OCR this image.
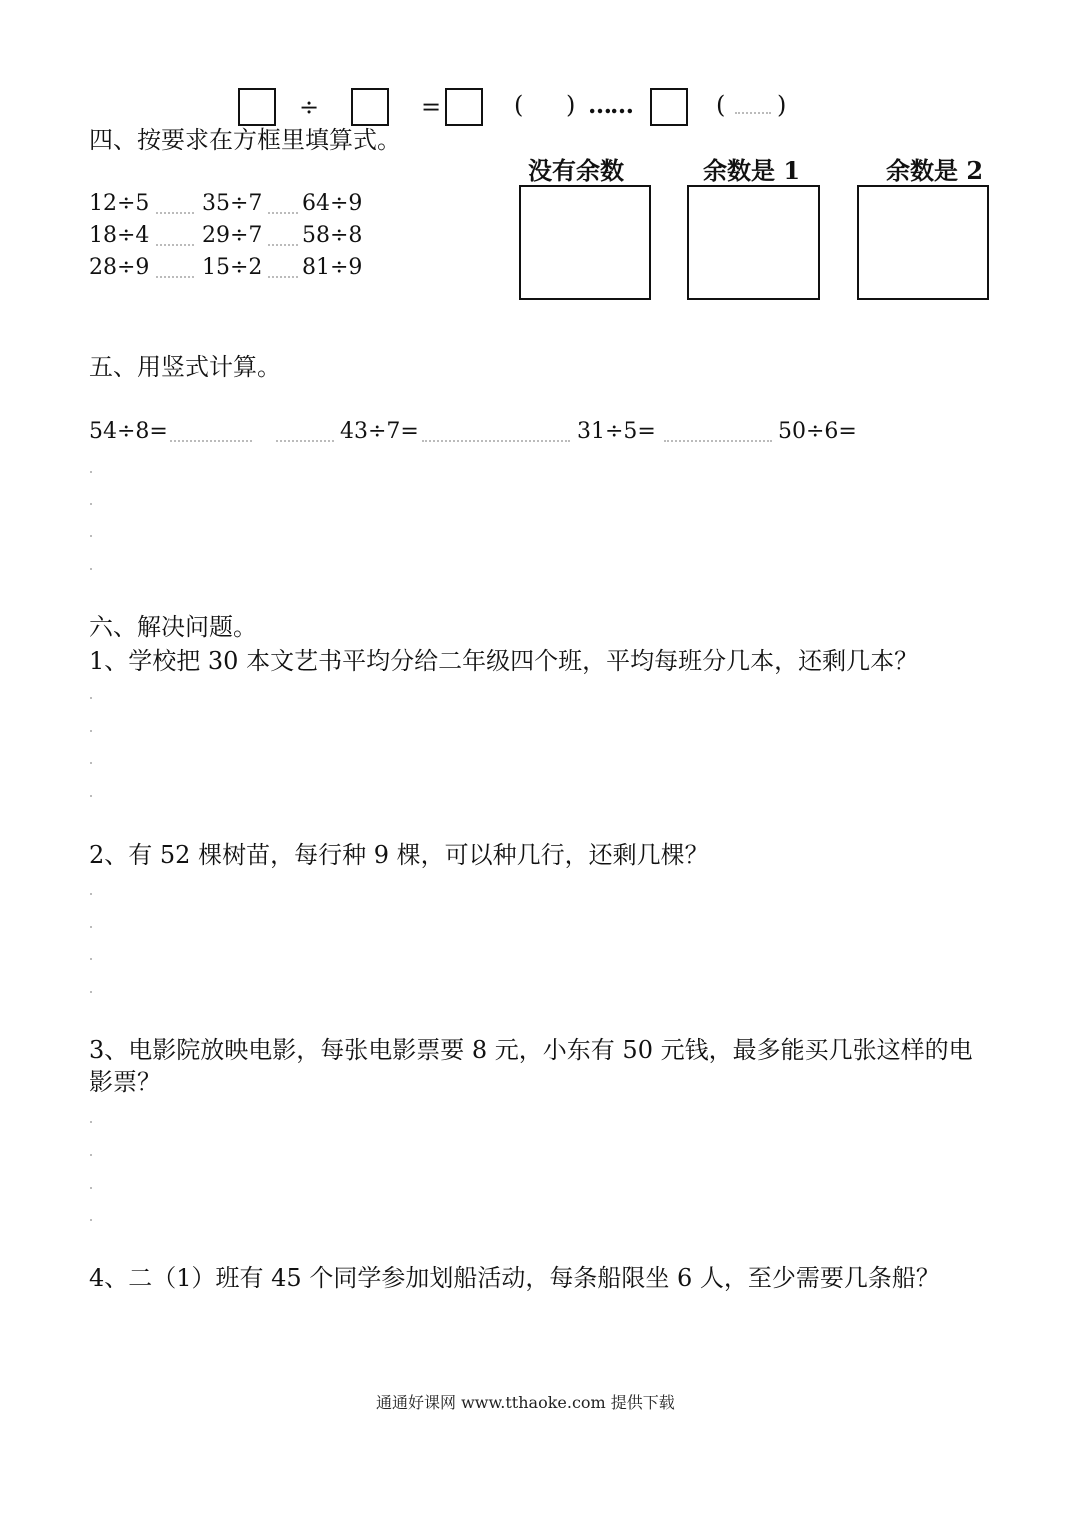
÷	=	( ) ……	( )
四、按要求在方框里填算式。
没有余数	余数是 1	余数是 2
12÷5 35÷7 64÷9
18÷4 29÷7 58÷8
28÷9 15÷2 81÷9
五、用竖式计算。
54÷8=	43÷7=	31÷5=	50÷6=
六、解决问题。
1、学校把 30 本文艺书平均分给二年级四个班，平均每班分几本，还剩几本？
2、有 52 棵树苗，每行种 9 棵，可以种几行，还剩几棵？
3、电影院放映电影，每张电影票要 8 元，小东有 50 元钱，最多能买几张这样的电
影票？
4、二（1）班有 45 个同学参加划船活动，每条船限坐 6 人，至少需要几条船？
通通好课网 www.tthaoke.com 提供下载
